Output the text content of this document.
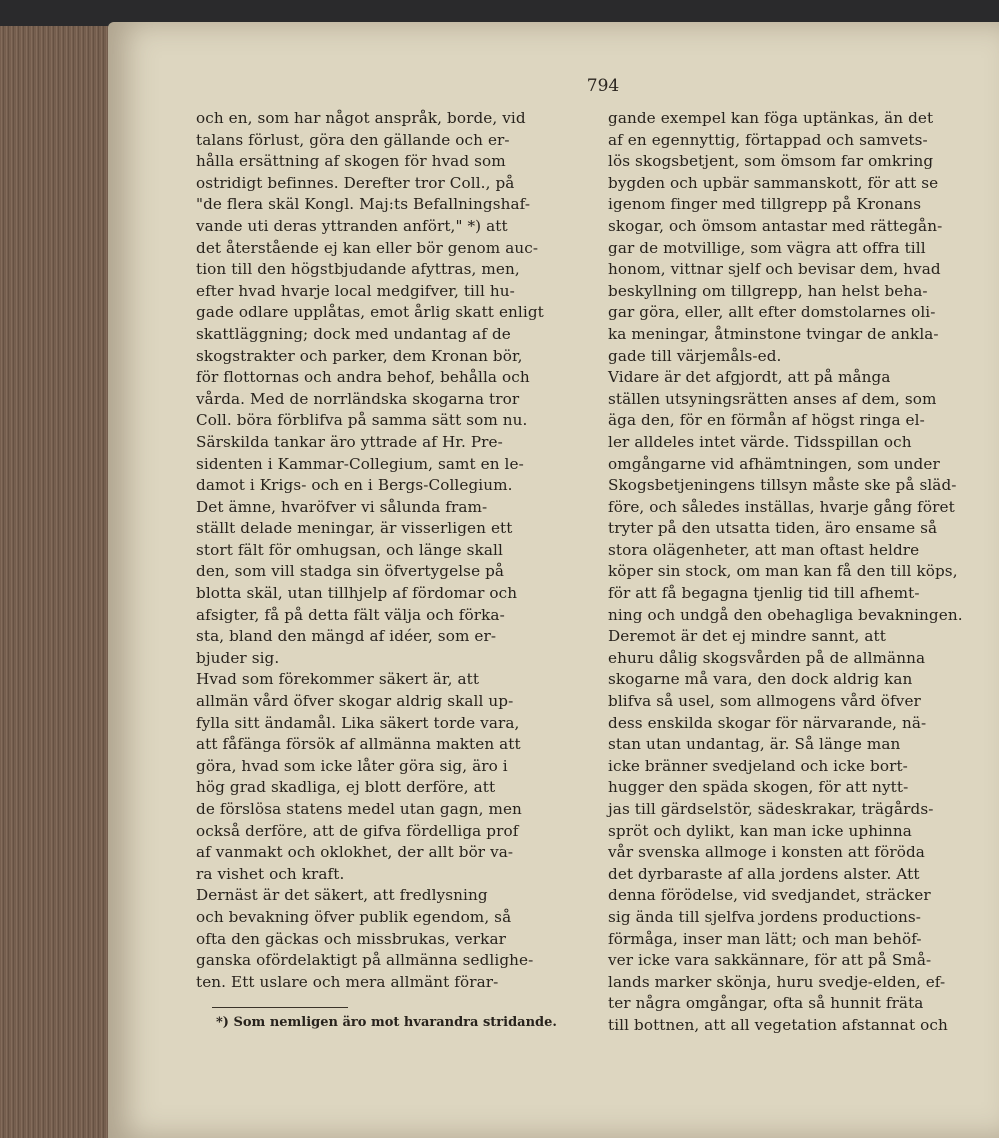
794
och en, som har något anspråk, borde, vid
talans förlust, göra den gällande och er-
hålla ersättning af skogen för hvad som
ostridigt befinnes. Derefter tror Coll., på
"de flera skäl Kongl. Maj:ts Befallningshaf-
vande uti deras yttranden anfört," *) att
det återstående ej kan eller bör genom auc-
tion till den högstbjudande afyttras, men,
efter hvad hvarje local medgifver, till hu-
gade odlare upplåtas, emot årlig skatt enligt
skattläggning; dock med undantag af de
skogstrakter och parker, dem Kronan bör,
för flottornas och andra behof, behålla och
vårda. Med de norrländska skogarna tror
Coll. böra förblifva på samma sätt som nu.
Särskilda tankar äro yttrade af Hr. Pre-
sidenten i Kammar-Collegium, samt en le-
damot i Krigs- och en i Bergs-Collegium.
Det ämne, hvaröfver vi sålunda fram-
ställt delade meningar, är visserligen ett
stort fält för omhugsan, och länge skall
den, som vill stadga sin öfvertygelse på
blotta skäl, utan tillhjelp af fördomar och
afsigter, få på detta fält välja och förka-
sta, bland den mängd af idéer, som er-
bjuder sig.
Hvad som förekommer säkert är, att
allmän vård öfver skogar aldrig skall up-
fylla sitt ändamål. Lika säkert torde vara,
att fåfänga försök af allmänna makten att
göra, hvad som icke låter göra sig, äro i
hög grad skadliga, ej blott derföre, att
de förslösa statens medel utan gagn, men
också derföre, att de gifva fördelliga prof
af vanmakt och oklokhet, der allt bör va-
ra vishet och kraft.
Dernäst är det säkert, att fredlysning
och bevakning öfver publik egendom, så
ofta den gäckas och missbrukas, verkar
ganska ofördelaktigt på allmänna sedlighe-
ten. Ett uslare och mera allmänt förar-
gande exempel kan föga uptänkas, än det
af en egennyttig, förtappad och samvets-
lös skogsbetjent, som ömsom far omkring
bygden och upbär sammanskott, för att se
igenom finger med tillgrepp på Kronans
skogar, och ömsom antastar med rättegån-
gar de motvillige, som vägra att offra till
honom, vittnar sjelf och bevisar dem, hvad
beskyllning om tillgrepp, han helst beha-
gar göra, eller, allt efter domstolarnes oli-
ka meningar, åtminstone tvingar de ankla-
gade till värjemåls-ed.
Vidare är det afgjordt, att på många
ställen utsyningsrätten anses af dem, som
äga den, för en förmån af högst ringa el-
ler alldeles intet värde. Tidsspillan och
omgångarne vid afhämtningen, som under
Skogsbetjeningens tillsyn måste ske på släd-
före, och således inställas, hvarje gång föret
tryter på den utsatta tiden, äro ensame så
stora olägenheter, att man oftast heldre
köper sin stock, om man kan få den till köps,
för att få begagna tjenlig tid till afhemt-
ning och undgå den obehagliga bevakningen.
Deremot är det ej mindre sannt, att
ehuru dålig skogsvården på de allmänna
skogarne må vara, den dock aldrig kan
blifva så usel, som allmogens vård öfver
dess enskilda skogar för närvarande, nä-
stan utan undantag, är. Så länge man
icke bränner svedjeland och icke bort-
hugger den späda skogen, för att nytt-
jas till gärdselstör, sädeskrakar, trägårds-
spröt och dylikt, kan man icke uphinna
vår svenska allmoge i konsten att föröda
det dyrbaraste af alla jordens alster. Att
denna förödelse, vid svedjandet, sträcker
sig ända till sjelfva jordens productions-
förmåga, inser man lätt; och man behöf-
ver icke vara sakkännare, för att på Små-
lands marker skönja, huru svedje-elden, ef-
ter några omgångar, ofta så hunnit fräta
till bottnen, att all vegetation afstannat och
*) Som nemligen äro mot hvarandra stridande.
